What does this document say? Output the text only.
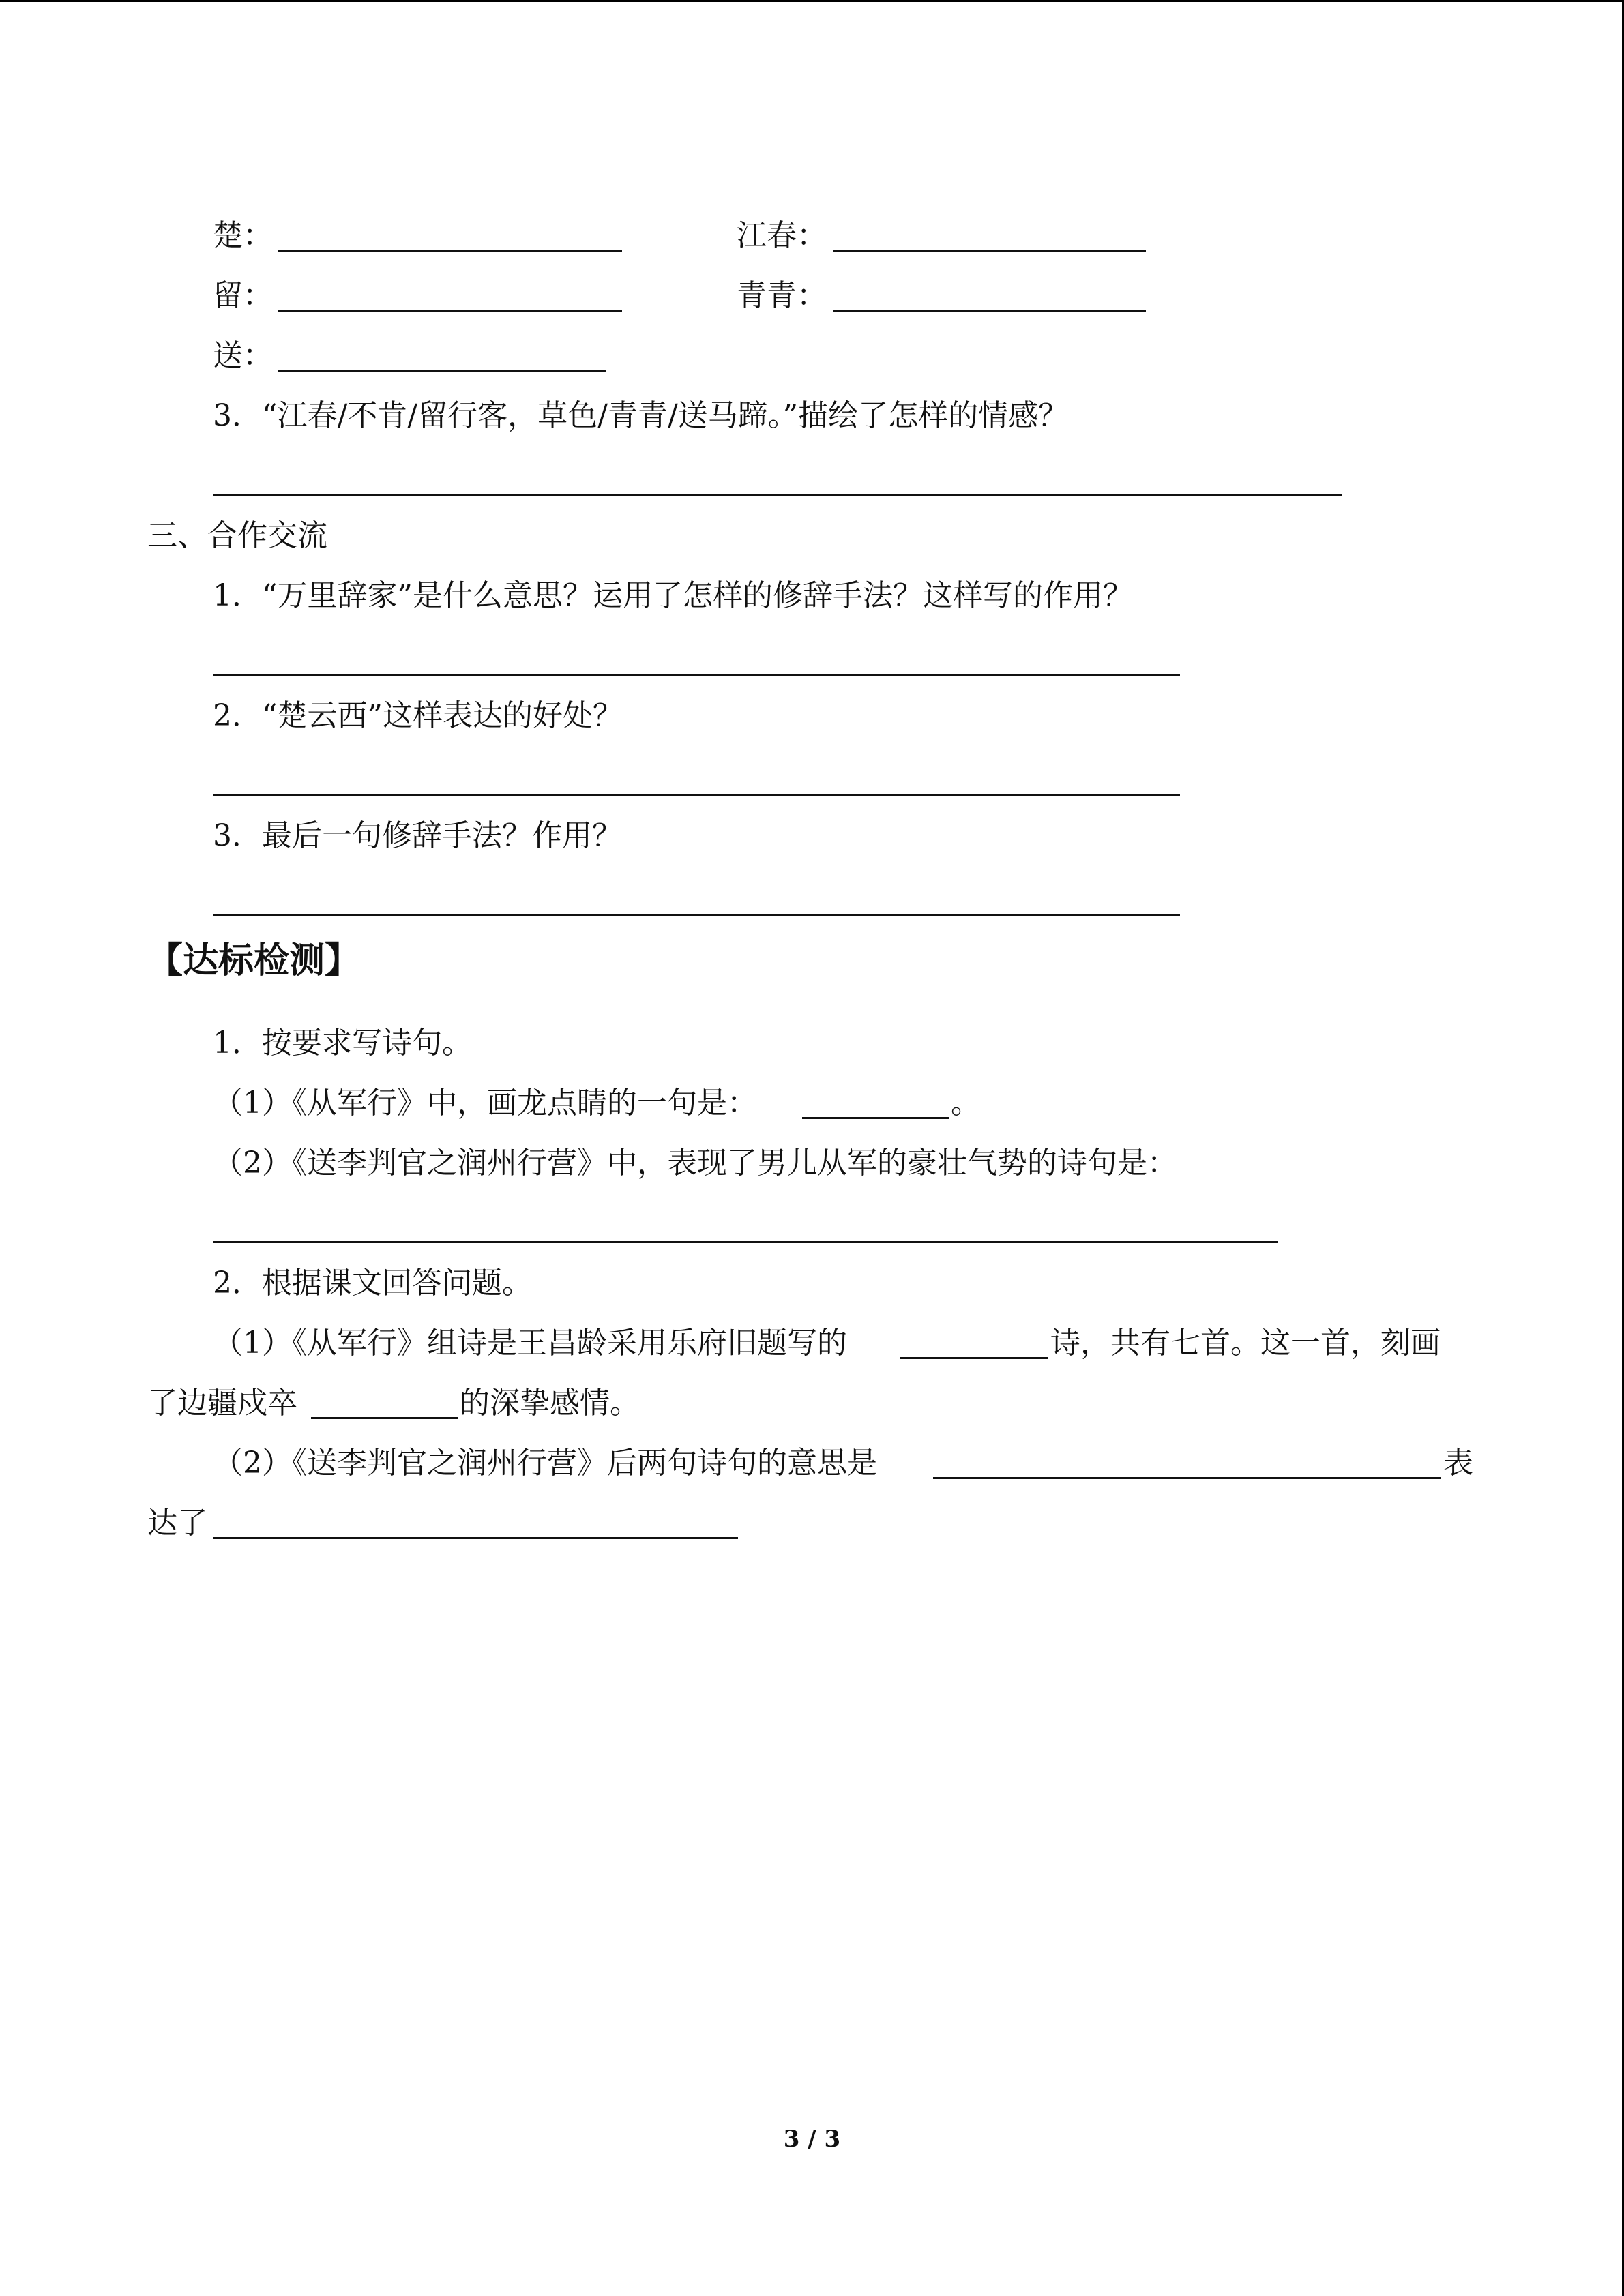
楚：	江春：
留：	青青：
送：
3．“江春/不肯/留行客，草色/青青/送马蹄。”描绘了怎样的情感？
三、合作交流
1．“万里辞家”是什么意思？运用了怎样的修辞手法？这样写的作用？
2．“楚云西”这样表达的好处？
3．最后一句修辞手法？作用？
【达标检测】
1．按要求写诗句。
（1）《从军行》中，画龙点睛的一句是：	。
（2）《送李判官之润州行营》中，表现了男儿从军的豪壮气势的诗句是：
2．根据课文回答问题。
（1）《从军行》组诗是王昌龄采用乐府旧题写的	诗，共有七首。这一首，刻画
了边疆戍卒	的深挚感情。
（2）《送李判官之润州行营》后两句诗句的意思是	表
达了
3 / 3
